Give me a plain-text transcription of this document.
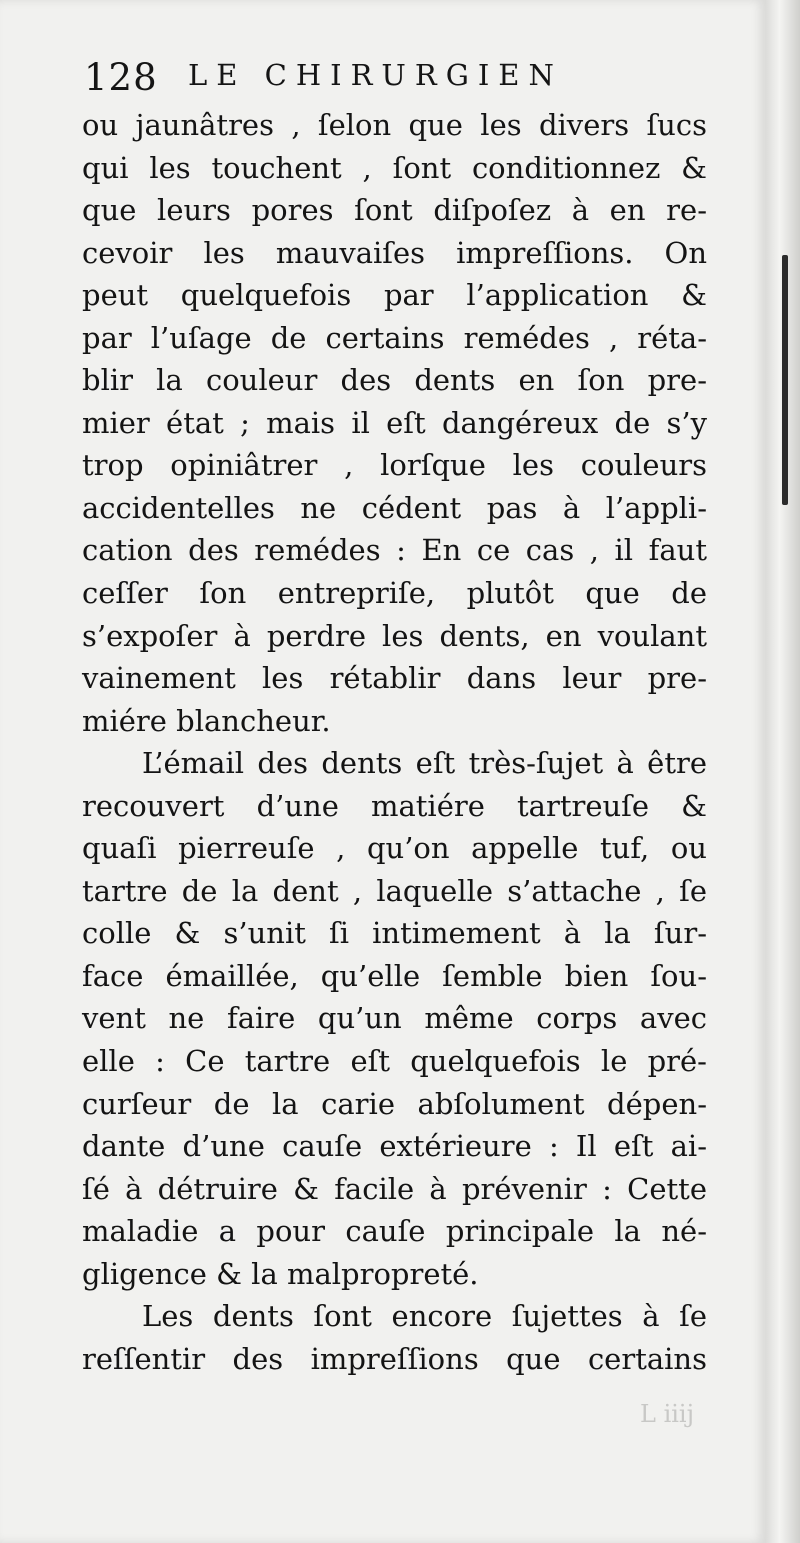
128 LE CHIRURGIEN
ou jaunâtres , ſelon que les divers ſucs
qui les touchent , ſont conditionnez &
que leurs pores ſont diſpoſez à en re-
cevoir les mauvaiſes impreſſions. On
peut quelquefois par l’application &
par l’uſage de certains remédes , réta-
blir la couleur des dents en ſon pre-
mier état ; mais il eſt dangéreux de s’y
trop opiniâtrer , lorſque les couleurs
accidentelles ne cédent pas à l’appli-
cation des remédes : En ce cas , il faut
ceſſer ſon entrepriſe, plutôt que de
s’expoſer à perdre les dents, en voulant
vainement les rétablir dans leur pre-
miére blancheur.
L’émail des dents eſt très-ſujet à être
recouvert d’une matiére tartreuſe &
quaſi pierreuſe , qu’on appelle tuf, ou
tartre de la dent , laquelle s’attache , ſe
colle & s’unit ſi intimement à la ſur-
face émaillée, qu’elle ſemble bien ſou-
vent ne faire qu’un même corps avec
elle : Ce tartre eſt quelquefois le pré-
curſeur de la carie abſolument dépen-
dante d’une cauſe extérieure : Il eſt ai-
ſé à détruire & facile à prévenir : Cette
maladie a pour cauſe principale la né-
gligence & la malpropreté.
Les dents ſont encore ſujettes à ſe
reſſentir des impreſſions que certains
L iiij
